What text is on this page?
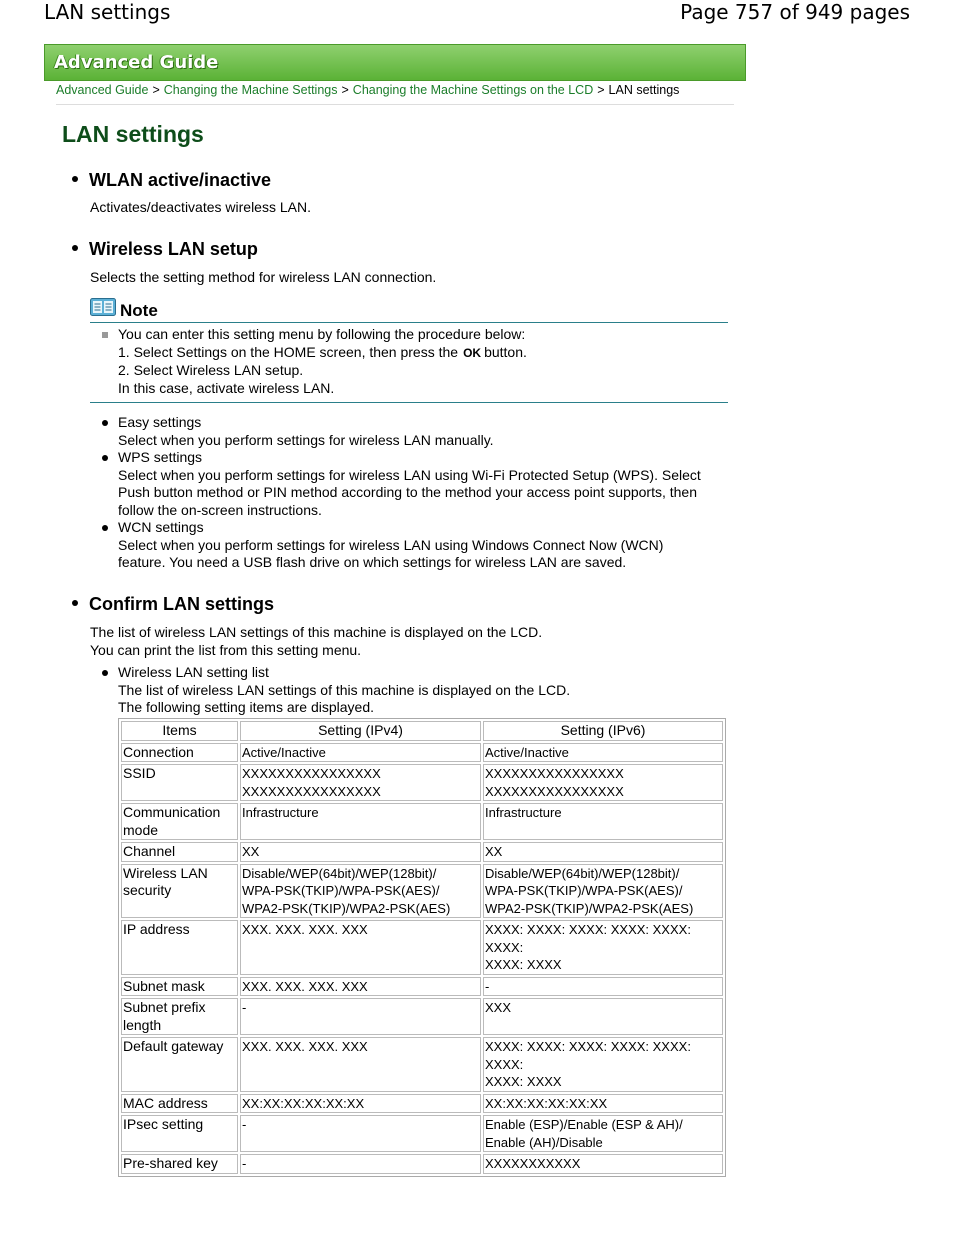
LAN settings	Page 757 of 949 pages
Advanced Guide
Advanced Guide > Changing the Machine Settings > Changing the Machine Settings on the LCD > LAN settings
LAN settings
WLAN active/inactive
Activates/deactivates wireless LAN.
Wireless LAN setup
Selects the setting method for wireless LAN connection.
Note
You can enter this setting menu by following the procedure below:
1. Select Settings on the HOME screen, then press the OK button.
2. Select Wireless LAN setup.
In this case, activate wireless LAN.
Easy settings
Select when you perform settings for wireless LAN manually.
WPS settings
Select when you perform settings for wireless LAN using Wi-Fi Protected Setup (WPS). Select
Push button method or PIN method according to the method your access point supports, then
follow the on-screen instructions.
WCN settings
Select when you perform settings for wireless LAN using Windows Connect Now (WCN)
feature. You need a USB flash drive on which settings for wireless LAN are saved.
Confirm LAN settings
The list of wireless LAN settings of this machine is displayed on the LCD.
You can print the list from this setting menu.
Wireless LAN setting list
The list of wireless LAN settings of this machine is displayed on the LCD.
The following setting items are displayed.
Items	Setting (IPv4)	Setting (IPv6)
Connection	Active/Inactive	Active/Inactive
SSID	XXXXXXXXXXXXXXXX
XXXXXXXXXXXXXXXX	XXXXXXXXXXXXXXXX
XXXXXXXXXXXXXXXX
Communication
mode	Infrastructure	Infrastructure
Channel	XX	XX
Wireless LAN
security	Disable/WEP(64bit)/WEP(128bit)/
WPA-PSK(TKIP)/WPA-PSK(AES)/
WPA2-PSK(TKIP)/WPA2-PSK(AES)	Disable/WEP(64bit)/WEP(128bit)/
WPA-PSK(TKIP)/WPA-PSK(AES)/
WPA2-PSK(TKIP)/WPA2-PSK(AES)
IP address	XXX. XXX. XXX. XXX	XXXX: XXXX: XXXX: XXXX: XXXX: XXXX:
XXXX: XXXX
Subnet mask	XXX. XXX. XXX. XXX	-
Subnet prefix
length	-	XXX
Default gateway	XXX. XXX. XXX. XXX	XXXX: XXXX: XXXX: XXXX: XXXX: XXXX:
XXXX: XXXX
MAC address	XX:XX:XX:XX:XX:XX	XX:XX:XX:XX:XX:XX
IPsec setting	-	Enable (ESP)/Enable (ESP & AH)/
Enable (AH)/Disable
Pre-shared key	-	XXXXXXXXXXX
